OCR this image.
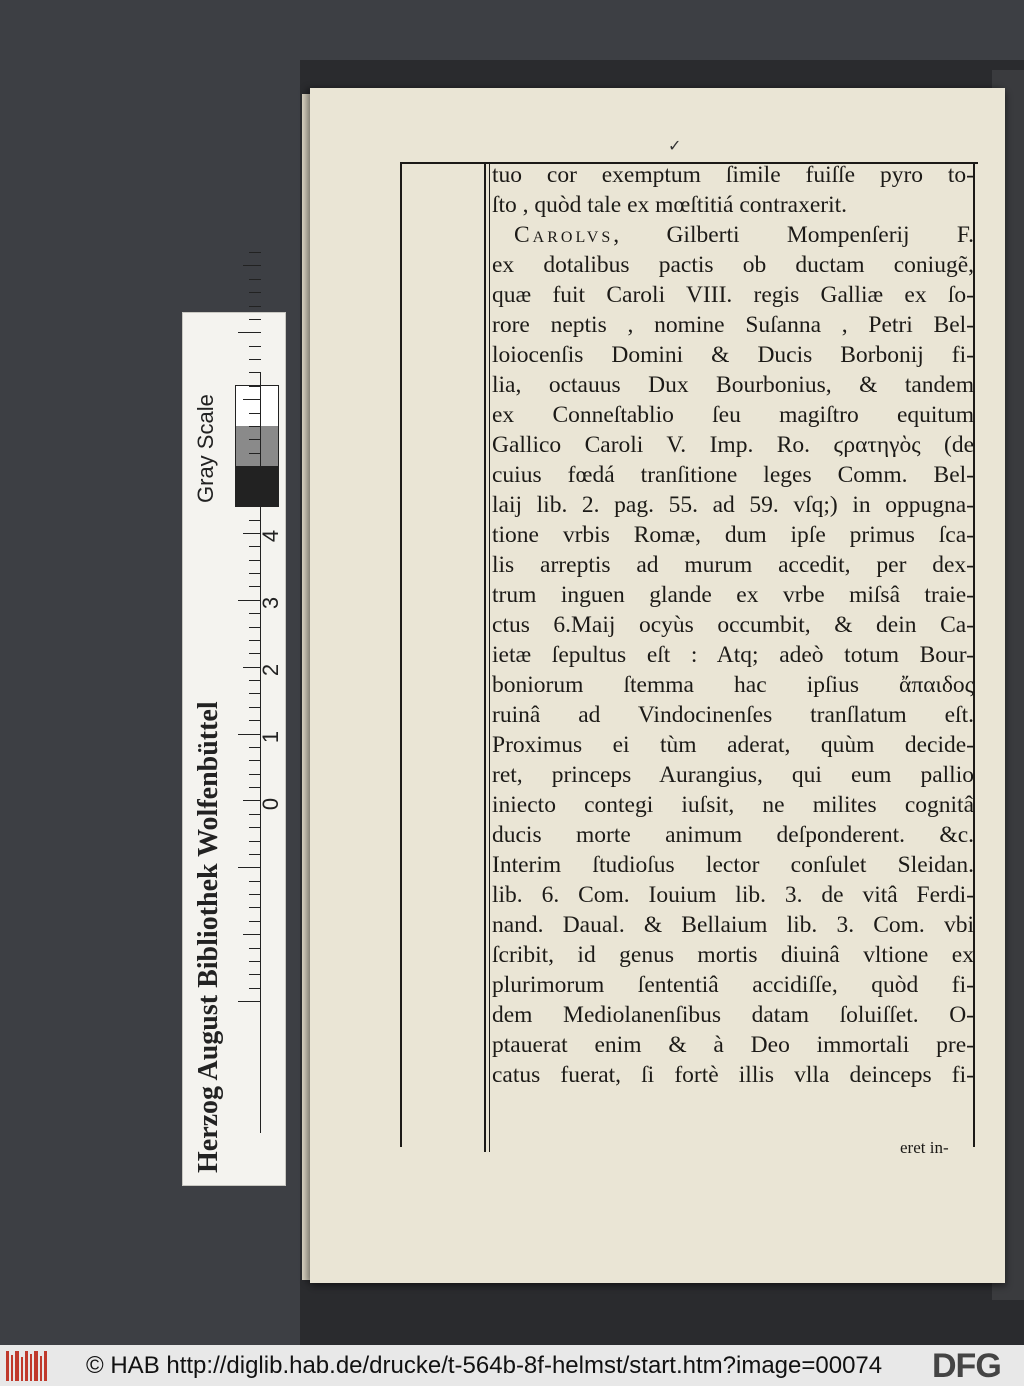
✓
tuo cor exemptum ſimile fuiſſe pyro to-
ſto , quòd tale ex mœſtitiá contraxerit.
Carolvs, Gilberti Mompenſerij F.
ex dotalibus pactis ob ductam coniugẽ,
quæ fuit Caroli VIII. regis Galliæ ex ſo-
rore neptis , nomine Suſanna , Petri Bel-
loiocenſis Domini & Ducis Borbonij fi-
lia, octauus Dux Bourbonius, & tandem
ex Conneſtablio ſeu magiſtro equitum
Gallico Caroli V. Imp. Ro. ϛρατηγὸς (de
cuius fœdá tranſitione leges Comm. Bel-
laij lib. 2. pag. 55. ad 59. vſq;) in oppugna-
tione vrbis Romæ, dum ipſe primus ſca-
lis arreptis ad murum accedit, per dex-
trum inguen glande ex vrbe miſsâ traie-
ctus 6.Maij ocyùs occumbit, & dein Ca-
ietæ ſepultus eſt : Atq; adeò totum Bour-
boniorum ſtemma hac ipſius ἄπαιδος
ruinâ ad Vindocinenſes tranſlatum eſt.
Proximus ei tùm aderat, quùm decide-
ret, princeps Aurangius, qui eum pallio
iniecto contegi iuſsit, ne milites cognitâ
ducis morte animum deſponderent. &c.
Interim ſtudioſus lector conſulet Sleidan.
lib. 6. Com. Iouium lib. 3. de vitâ Ferdi-
nand. Daual. & Bellaium lib. 3. Com. vbi
ſcribit, id genus mortis diuinâ vltione ex
plurimorum ſententiâ accidiſſe, quòd fi-
dem Mediolanenſibus datam ſoluiſſet. O-
ptauerat enim & à Deo immortali pre-
catus fuerat, ſi fortè illis vlla deinceps fi-
eret in-
Gray Scale
0
1
2
3
4
Herzog August Bibliothek Wolfenbüttel
© HAB http://diglib.hab.de/drucke/t-564b-8f-helmst/start.htm?image=00074 DFG
